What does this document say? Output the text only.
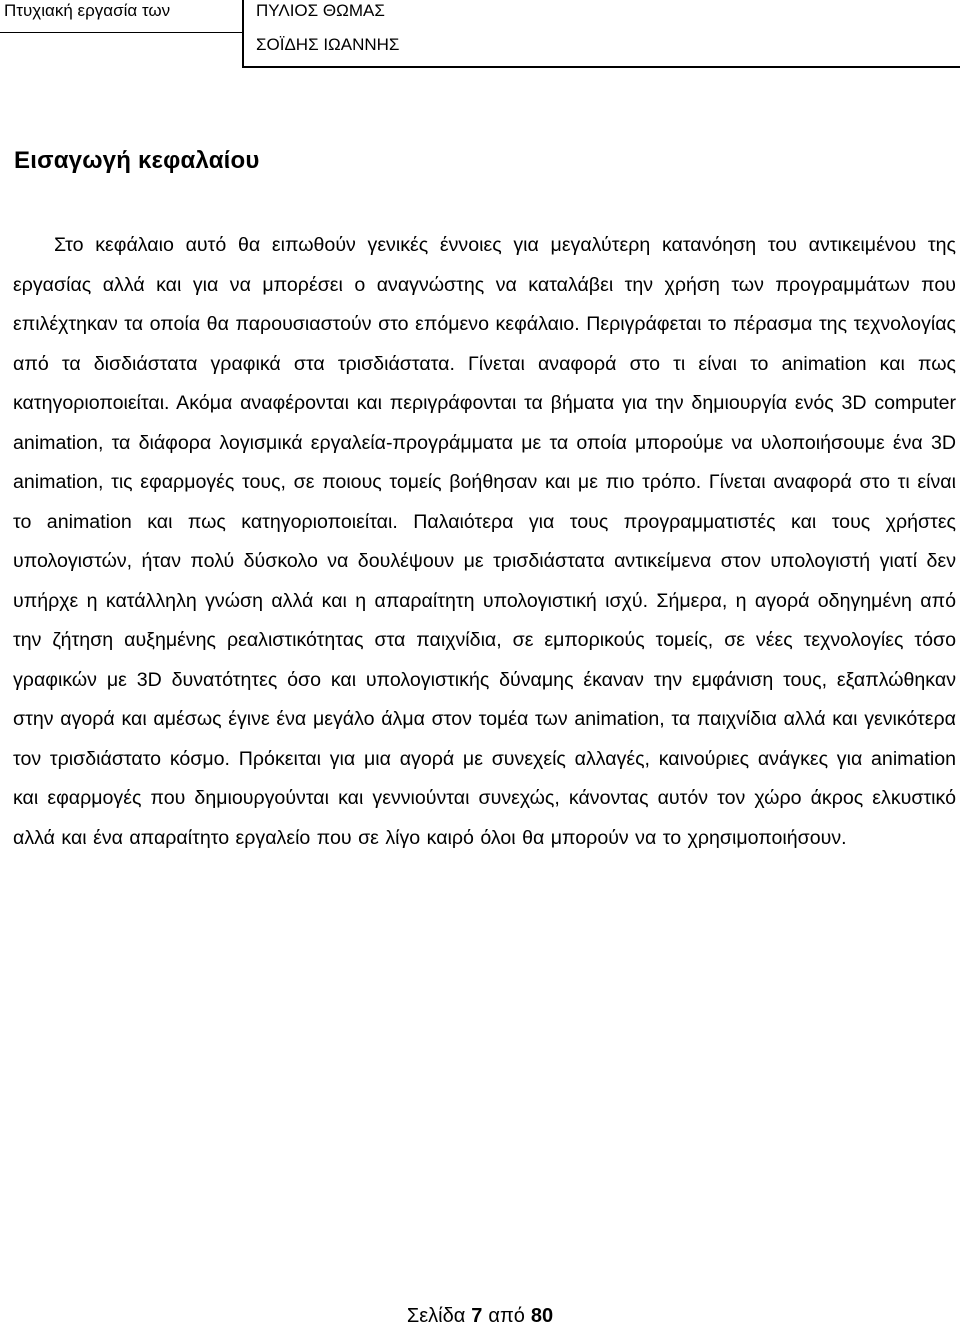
Πτυχιακή εργασία των	ΠΥΛΙΟΣ ΘΩΜΑΣ
ΣΟΪΔΗΣ ΙΩΑΝΝΗΣ
Εισαγωγή κεφαλαίου

Στο κεφάλαιο αυτό θα ειπωθούν γενικές έννοιες για μεγαλύτερη κατανόηση του αντικειμένου της εργασίας αλλά και για να μπορέσει ο αναγνώστης να καταλάβει την χρήση των προγραμμάτων που επιλέχτηκαν τα οποία θα παρουσιαστούν στο επόμενο κεφάλαιο. Περιγράφεται το πέρασμα της τεχνολογίας από τα δισδιάστατα γραφικά στα τρισδιάστατα. Γίνεται αναφορά στο τι είναι το animation και πως κατηγοριοποιείται. Ακόμα αναφέρονται και περιγράφονται τα βήματα για την δημιουργία ενός 3D computer animation, τα διάφορα λογισμικά εργαλεία-προγράμματα με τα οποία μπορούμε να υλοποιήσουμε ένα 3D animation, τις εφαρμογές τους, σε ποιους τομείς βοήθησαν και με πιο τρόπο. Γίνεται αναφορά στο τι είναι το animation και πως κατηγοριοποιείται. Παλαιότερα για τους προγραμματιστές και τους χρήστες υπολογιστών, ήταν πολύ δύσκολο να δουλέψουν με τρισδιάστατα αντικείμενα στον υπολογιστή γιατί δεν υπήρχε η κατάλληλη γνώση αλλά και η απαραίτητη υπολογιστική ισχύ. Σήμερα, η αγορά οδηγημένη από την ζήτηση αυξημένης ρεαλιστικότητας στα παιχνίδια, σε εμπορικούς τομείς, σε νέες τεχνολογίες τόσο γραφικών με 3D δυνατότητες όσο και υπολογιστικής δύναμης έκαναν την εμφάνιση τους, εξαπλώθηκαν στην αγορά και αμέσως έγινε ένα μεγάλο άλμα στον τομέα των animation, τα παιχνίδια αλλά και γενικότερα τον τρισδιάστατο κόσμο. Πρόκειται για μια αγορά με συνεχείς αλλαγές, καινούριες ανάγκες για animation και εφαρμογές που δημιουργούνται και γεννιούνται συνεχώς, κάνοντας αυτόν τον χώρο άκρος ελκυστικό αλλά και ένα απαραίτητο εργαλείο που σε λίγο καιρό όλοι θα μπορούν να το χρησιμοποιήσουν.

Σελίδα 7 από 80
